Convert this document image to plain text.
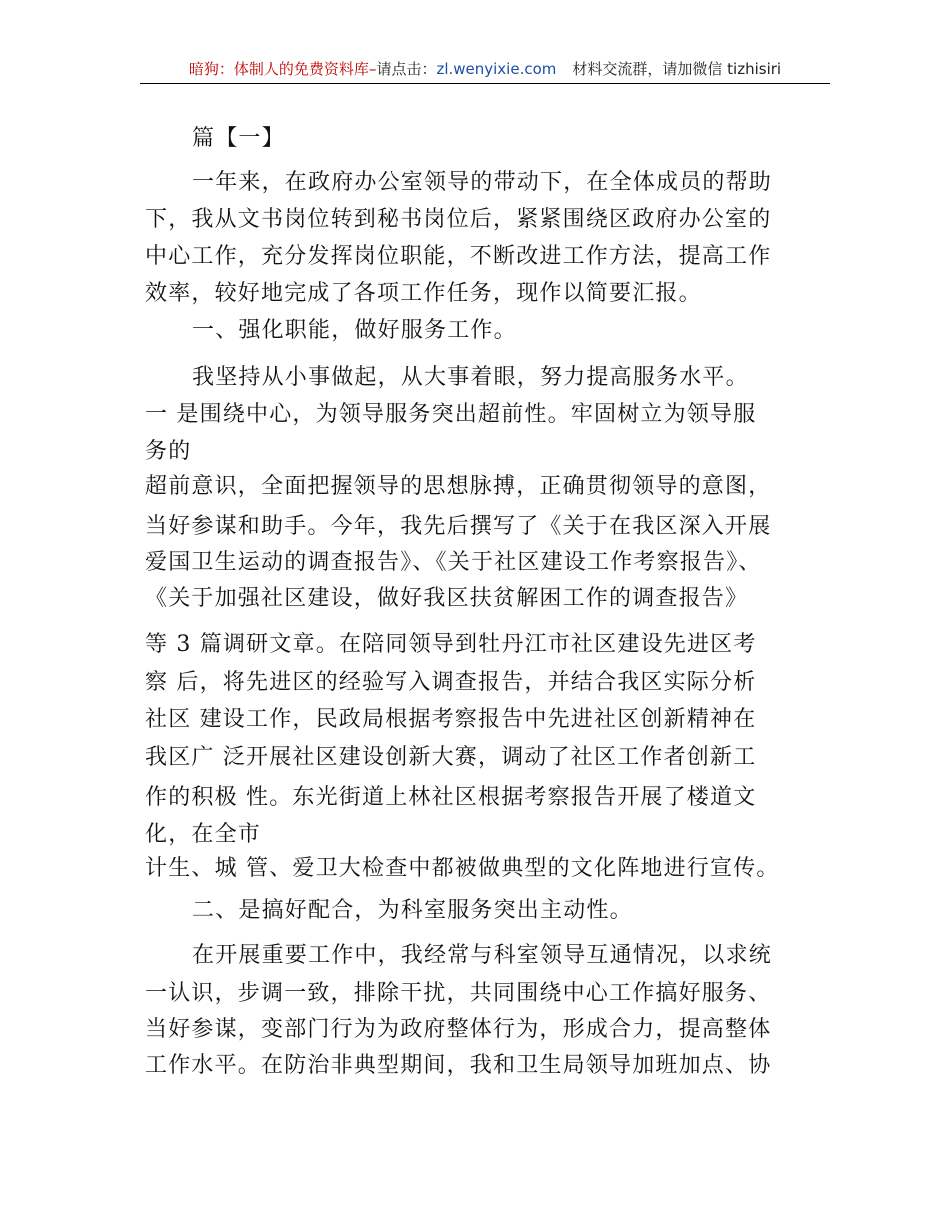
暗狗：体制人的免费资料库–请点击：zl.wenyixie.com 材料交流群，请加微信 tizhisiri
篇【一】
一年来，在政府办公室领导的带动下，在全体成员的帮助
下，我从文书岗位转到秘书岗位后，紧紧围绕区政府办公室的
中心工作，充分发挥岗位职能，不断改进工作方法，提高工作
效率，较好地完成了各项工作任务，现作以简要汇报。
一、强化职能，做好服务工作。
我坚持从小事做起，从大事着眼，努力提高服务水平。
一 是围绕中心，为领导服务突出超前性。牢固树立为领导服
务的
超前意识，全面把握领导的思想脉搏，正确贯彻领导的意图，
当好参谋和助手。今年，我先后撰写了《关于在我区深入开展
爱国卫生运动的调查报告》、《关于社区建设工作考察报告》、
《关于加强社区建设，做好我区扶贫解困工作的调查报告》
等 3 篇调研文章。在陪同领导到牡丹江市社区建设先进区考
察 后，将先进区的经验写入调查报告，并结合我区实际分析
社区 建设工作，民政局根据考察报告中先进社区创新精神在
我区广 泛开展社区建设创新大赛，调动了社区工作者创新工
作的积极 性。东光街道上林社区根据考察报告开展了楼道文
化，在全市
计生、城 管、爱卫大检查中都被做典型的文化阵地进行宣传。
二、是搞好配合，为科室服务突出主动性。
在开展重要工作中，我经常与科室领导互通情况，以求统
一认识，步调一致，排除干扰，共同围绕中心工作搞好服务、
当好参谋，变部门行为为政府整体行为，形成合力，提高整体
工作水平。在防治非典型期间，我和卫生局领导加班加点、协
